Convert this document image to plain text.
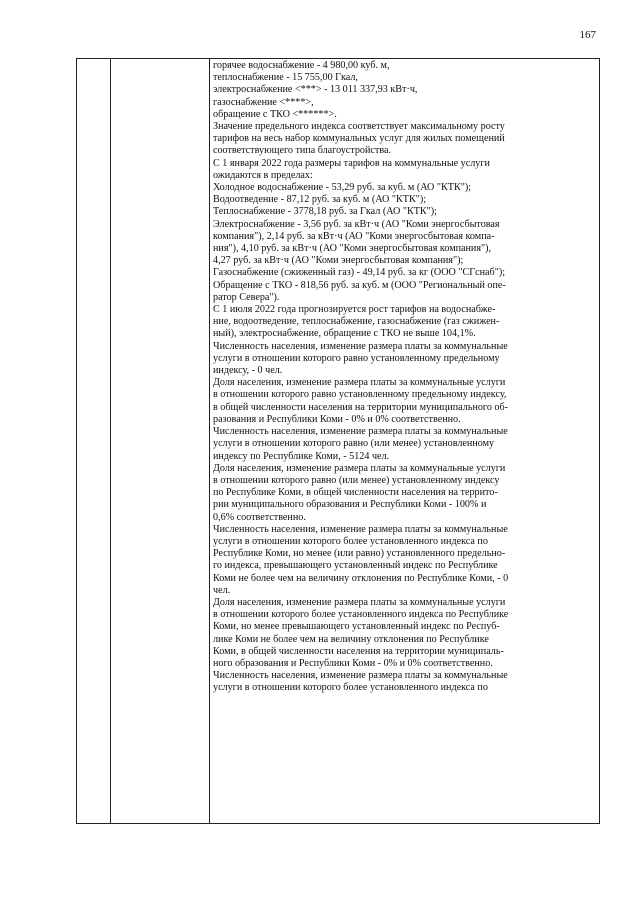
167

горячее водоснабжение - 4 980,00 куб. м,
теплоснабжение - 15 755,00 Гкал,
электроснабжение <***> - 13 011 337,93 кВт·ч,
газоснабжение <****>,
обращение с ТКО <******>.
Значение предельного индекса соответствует максимальному росту
тарифов на весь набор коммунальных услуг для жилых помещений
соответствующего типа благоустройства.
С 1 января 2022 года размеры тарифов на коммунальные услуги
ожидаются в пределах:
Холодное водоснабжение - 53,29 руб. за куб. м (АО "КТК");
Водоотведение - 87,12 руб. за куб. м (АО "КТК");
Теплоснабжение - 3778,18 руб. за Гкал (АО "КТК");
Электроснабжение - 3,56 руб. за кВт·ч (АО "Коми энергосбытовая
компания"), 2,14 руб. за кВт·ч (АО "Коми энергосбытовая компа-
ния"), 4,10 руб. за кВт·ч (АО "Коми энергосбытовая компания"),
4,27 руб. за кВт·ч (АО "Коми энергосбытовая компания");
Газоснабжение (сжиженный газ) - 49,14 руб. за кг (ООО "СГснаб");
Обращение с ТКО - 818,56 руб. за куб. м (ООО "Региональный опе-
ратор Севера").
С 1 июля 2022 года прогнозируется рост тарифов на водоснабже-
ние, водоотведение, теплоснабжение, газоснабжение (газ сжижен-
ный), электроснабжение, обращение с ТКО не выше 104,1%.
Численность населения, изменение размера платы за коммунальные
услуги в отношении которого равно установленному предельному
индексу, - 0 чел.
Доля населения, изменение размера платы за коммунальные услуги
в отношении которого равно установленному предельному индексу,
в общей численности населения на территории муниципального об-
разования и Республики Коми - 0% и 0% соответственно.
Численность населения, изменение размера платы за коммунальные
услуги в отношении которого равно (или менее) установленному
индексу по Республике Коми, - 5124 чел.
Доля населения, изменение размера платы за коммунальные услуги
в отношении которого равно (или менее) установленному индексу
по Республике Коми, в общей численности населения на террито-
рии муниципального образования и Республики Коми - 100% и
0,6% соответственно.
Численность населения, изменение размера платы за коммунальные
услуги в отношении которого более установленного индекса по
Республике Коми, но менее (или равно) установленного предельно-
го индекса, превышающего установленный индекс по Республике
Коми не более чем на величину отклонения по Республике Коми, - 0
чел.
Доля населения, изменение размера платы за коммунальные услуги
в отношении которого более установленного индекса по Республике
Коми, но менее превышающего установленный индекс по Респуб-
лике Коми не более чем на величину отклонения по Республике
Коми, в общей численности населения на территории муниципаль-
ного образования и Республики Коми - 0% и 0% соответственно.
Численность населения, изменение размера платы за коммунальные
услуги в отношении которого более установленного индекса по
